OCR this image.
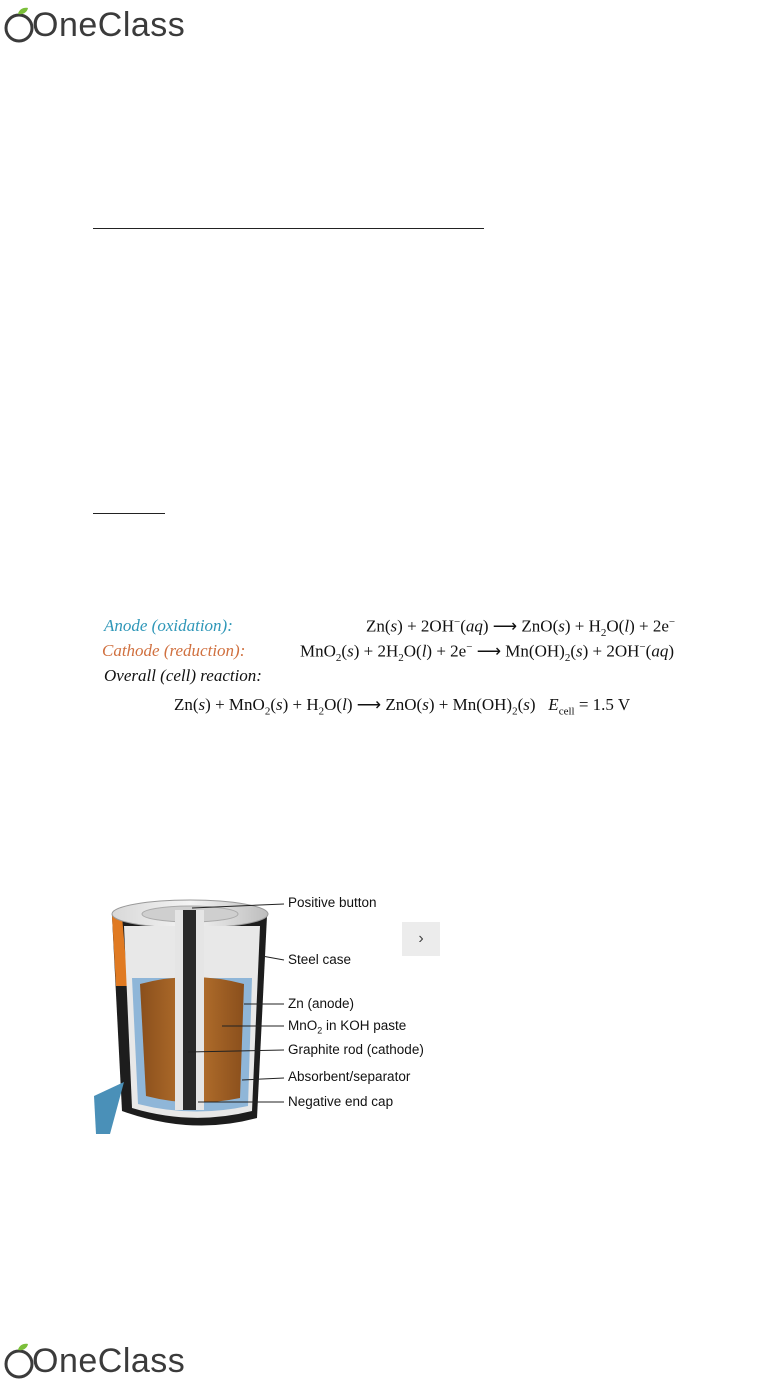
OneClass
Anode (oxidation):	Zn(s) + 2OH−(aq) ⟶ $ZnO(s) + H_2O(l) + 2e^-$
Cathode (reduction):	$MnO_2(s) + 2H_2O(l) + 2e^-$ ⟶ $Mn(OH)_2(s) + 2OH^-(aq)$
Overall (cell) reaction:
$Zn(s) + MnO_2(s) + H_2O(l)$ ⟶ $ZnO(s) + Mn(OH)_2(s) E_{cell} = 1.5$ V
Positive button
Steel case
Zn (anode)
MnO$_2$ in KOH paste
Graphite rod (cathode)
Absorbent/separator
Negative end cap
›
OneClass
